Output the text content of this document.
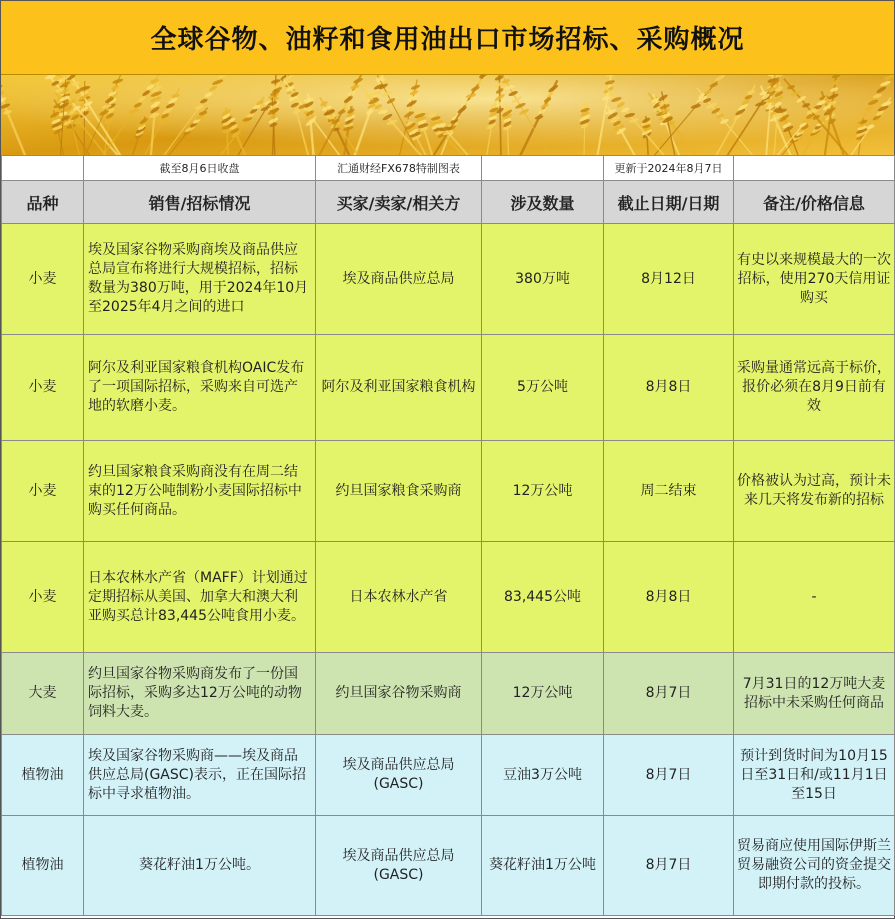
全球谷物、油籽和食用油出口市场招标、采购概况
	截至8月6日收盘	汇通财经FX678特制图表		更新于2024年8月7日	
品种	销售/招标情况	买家/卖家/相关方	涉及数量	截止日期/日期	备注/价格信息
小麦	埃及国家谷物采购商埃及商品供应总局宣布将进行大规模招标，招标数量为380万吨，用于2024年10月至2025年4月之间的进口	埃及商品供应总局	380万吨	8月12日	有史以来规模最大的一次招标，使用270天信用证购买
小麦	阿尔及利亚国家粮食机构OAIC发布了一项国际招标，采购来自可选产地的软磨小麦。	阿尔及利亚国家粮食机构	5万公吨	8月8日	采购量通常远高于标价，报价必须在8月9日前有效
小麦	约旦国家粮食采购商没有在周二结束的12万公吨制粉小麦国际招标中购买任何商品。	约旦国家粮食采购商	12万公吨	周二结束	价格被认为过高，预计未来几天将发布新的招标
小麦	日本农林水产省（MAFF）计划通过定期招标从美国、加拿大和澳大利亚购买总计83,445公吨食用小麦。	日本农林水产省	83,445公吨	8月8日	-
大麦	约旦国家谷物采购商发布了一份国际招标，采购多达12万公吨的动物饲料大麦。	约旦国家谷物采购商	12万公吨	8月7日	7月31日的12万吨大麦招标中未采购任何商品
植物油	埃及国家谷物采购商——埃及商品供应总局(GASC)表示，正在国际招标中寻求植物油。	埃及商品供应总局(GASC)	豆油3万公吨	8月7日	预计到货时间为10月15日至31日和/或11月1日至15日
植物油	葵花籽油1万公吨。	埃及商品供应总局(GASC)	葵花籽油1万公吨	8月7日	贸易商应使用国际伊斯兰贸易融资公司的资金提交即期付款的投标。
